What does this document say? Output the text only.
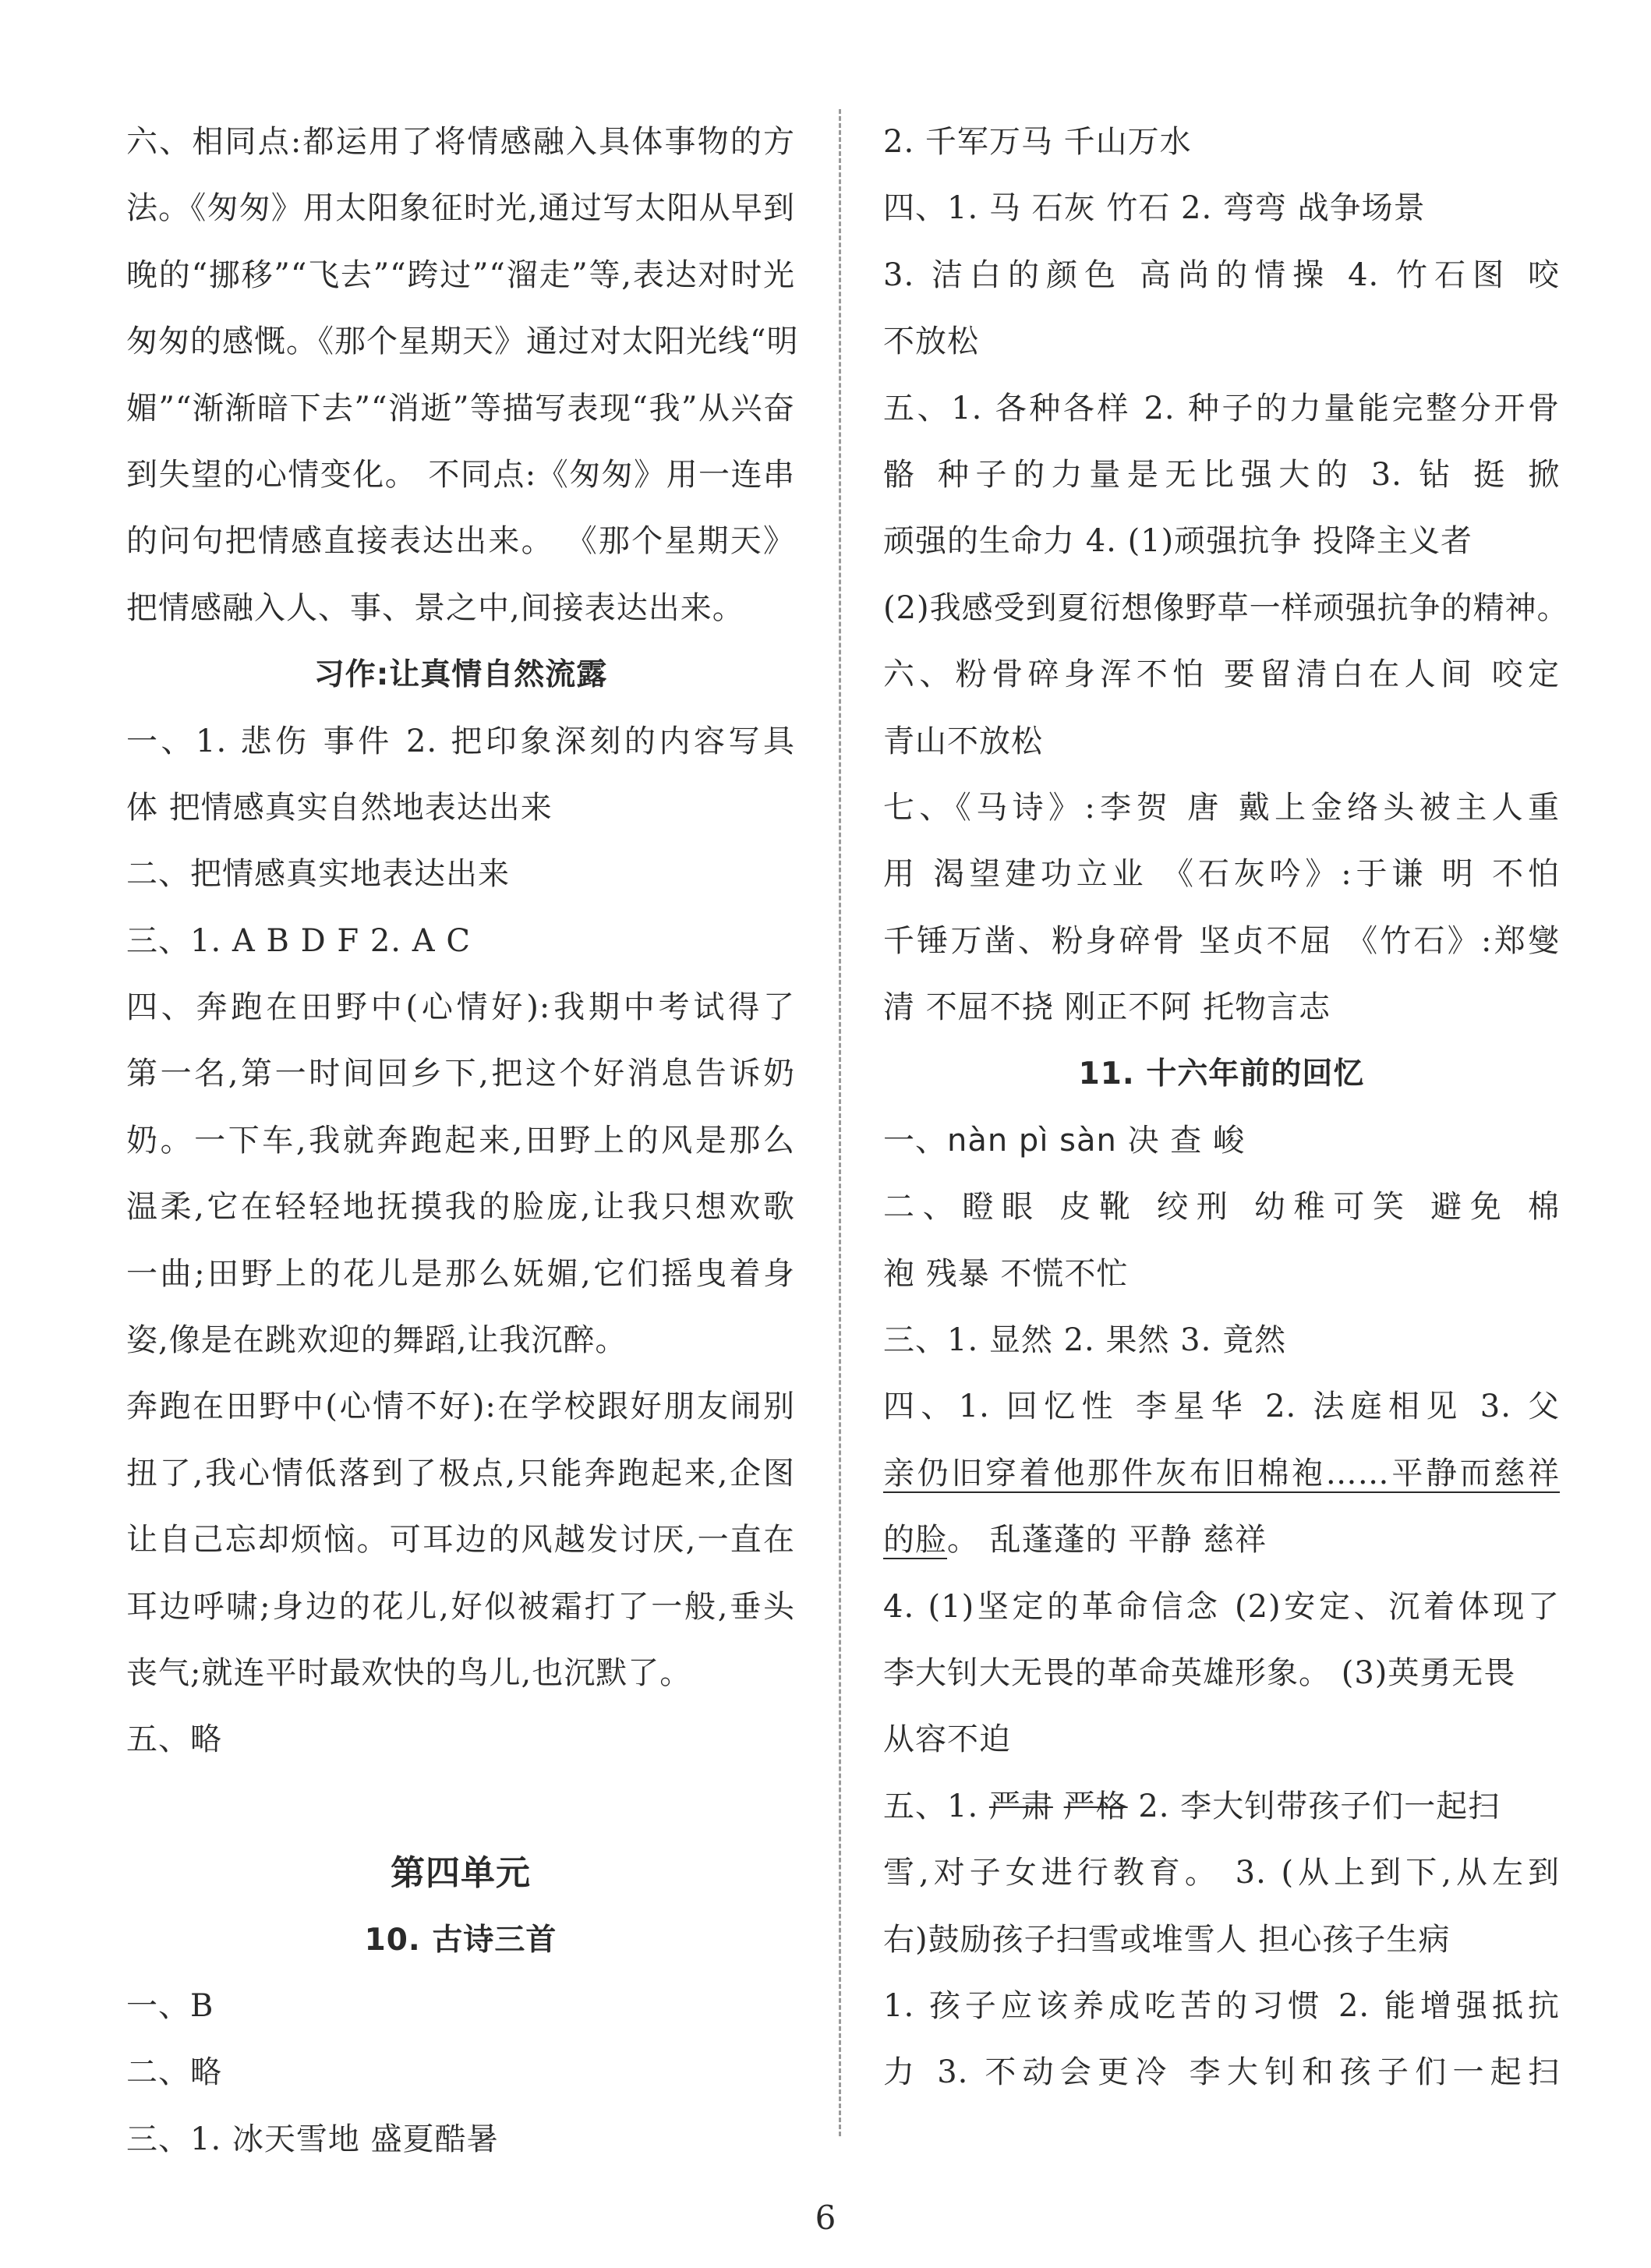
六、相同点:都运用了将情感融入具体事物的方
法。《匆匆》用太阳象征时光,通过写太阳从早到
晚的“挪移”“飞去”“跨过”“溜走”等,表达对时光
匆匆的感慨。《那个星期天》通过对太阳光线“明
媚”“渐渐暗下去”“消逝”等描写表现“我”从兴奋
到失望的心情变化。 不同点:《匆匆》用一连串
的问句把情感直接表达出来。 《那个星期天》
把情感融入人、事、景之中,间接表达出来。
习作:让真情自然流露
一、1. 悲伤 事件 2. 把印象深刻的内容写具
体 把情感真实自然地表达出来
二、把情感真实地表达出来
三、1. A B D F 2. A C
四、奔跑在田野中(心情好):我期中考试得了
第一名,第一时间回乡下,把这个好消息告诉奶
奶。一下车,我就奔跑起来,田野上的风是那么
温柔,它在轻轻地抚摸我的脸庞,让我只想欢歌
一曲;田野上的花儿是那么妩媚,它们摇曳着身
姿,像是在跳欢迎的舞蹈,让我沉醉。
奔跑在田野中(心情不好):在学校跟好朋友闹别
扭了,我心情低落到了极点,只能奔跑起来,企图
让自己忘却烦恼。可耳边的风越发讨厌,一直在
耳边呼啸;身边的花儿,好似被霜打了一般,垂头
丧气;就连平时最欢快的鸟儿,也沉默了。
五、略
第四单元
10. 古诗三首
一、B
二、略
三、1. 冰天雪地 盛夏酷暑
2. 千军万马 千山万水
四、1. 马 石灰 竹石 2. 弯弯 战争场景
3. 洁白的颜色 高尚的情操 4. 竹石图 咬
不放松
五、1. 各种各样 2. 种子的力量能完整分开骨
骼 种子的力量是无比强大的 3. 钻 挺 掀
顽强的生命力 4. (1)顽强抗争 投降主义者
(2)我感受到夏衍想像野草一样顽强抗争的精神。
六、粉骨碎身浑不怕 要留清白在人间 咬定
青山不放松
七、《马诗》:李贺 唐 戴上金络头被主人重
用 渴望建功立业 《石灰吟》:于谦 明 不怕
千锤万凿、粉身碎骨 坚贞不屈 《竹石》:郑燮
清 不屈不挠 刚正不阿 托物言志
11. 十六年前的回忆
一、nàn pì sàn 决 查 峻
二、瞪眼 皮靴 绞刑 幼稚可笑 避免 棉
袍 残暴 不慌不忙
三、1. 显然 2. 果然 3. 竟然
四、1. 回忆性 李星华 2. 法庭相见 3. 父
亲仍旧穿着他那件灰布旧棉袍……平静而慈祥
的脸。 乱蓬蓬的 平静 慈祥
4. (1)坚定的革命信念 (2)安定、沉着体现了
李大钊大无畏的革命英雄形象。 (3)英勇无畏
从容不迫
五、1. 严肃 严格 2. 李大钊带孩子们一起扫
雪,对子女进行教育。 3. (从上到下,从左到
右)鼓励孩子扫雪或堆雪人 担心孩子生病
1. 孩子应该养成吃苦的习惯 2. 能增强抵抗
力 3. 不动会更冷 李大钊和孩子们一起扫
6
